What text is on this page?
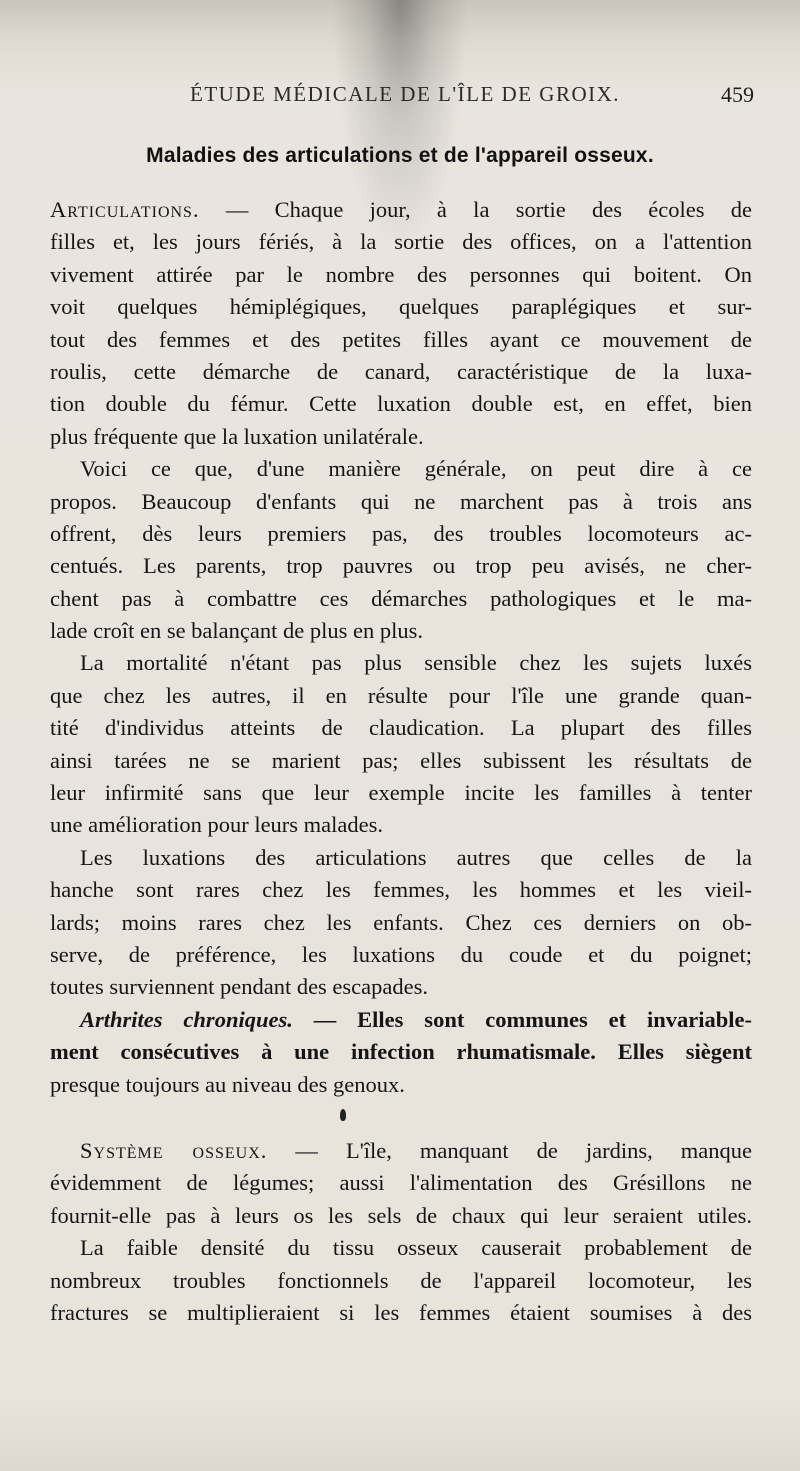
ÉTUDE MÉDICALE DE L'ÎLE DE GROIX.	459
Maladies des articulations et de l'appareil osseux.
Articulations. — Chaque jour, à la sortie des écoles de
filles et, les jours fériés, à la sortie des offices, on a l'attention
vivement attirée par le nombre des personnes qui boitent. On
voit quelques hémiplégiques, quelques paraplégiques et sur-
tout des femmes et des petites filles ayant ce mouvement de
roulis, cette démarche de canard, caractéristique de la luxa-
tion double du fémur. Cette luxation double est, en effet, bien
plus fréquente que la luxation unilatérale.
Voici ce que, d'une manière générale, on peut dire à ce
propos. Beaucoup d'enfants qui ne marchent pas à trois ans
offrent, dès leurs premiers pas, des troubles locomoteurs ac-
centués. Les parents, trop pauvres ou trop peu avisés, ne cher-
chent pas à combattre ces démarches pathologiques et le ma-
lade croît en se balançant de plus en plus.
La mortalité n'étant pas plus sensible chez les sujets luxés
que chez les autres, il en résulte pour l'île une grande quan-
tité d'individus atteints de claudication. La plupart des filles
ainsi tarées ne se marient pas; elles subissent les résultats de
leur infirmité sans que leur exemple incite les familles à tenter
une amélioration pour leurs malades.
Les luxations des articulations autres que celles de la
hanche sont rares chez les femmes, les hommes et les vieil-
lards; moins rares chez les enfants. Chez ces derniers on ob-
serve, de préférence, les luxations du coude et du poignet;
toutes surviennent pendant des escapades.
Arthrites chroniques. — Elles sont communes et invariable-
ment consécutives à une infection rhumatismale. Elles siègent
presque toujours au niveau des genoux.
Système osseux. — L'île, manquant de jardins, manque
évidemment de légumes; aussi l'alimentation des Grésillons ne
fournit-elle pas à leurs os les sels de chaux qui leur seraient utiles.
La faible densité du tissu osseux causerait probablement de
nombreux troubles fonctionnels de l'appareil locomoteur, les
fractures se multiplieraient si les femmes étaient soumises à des
